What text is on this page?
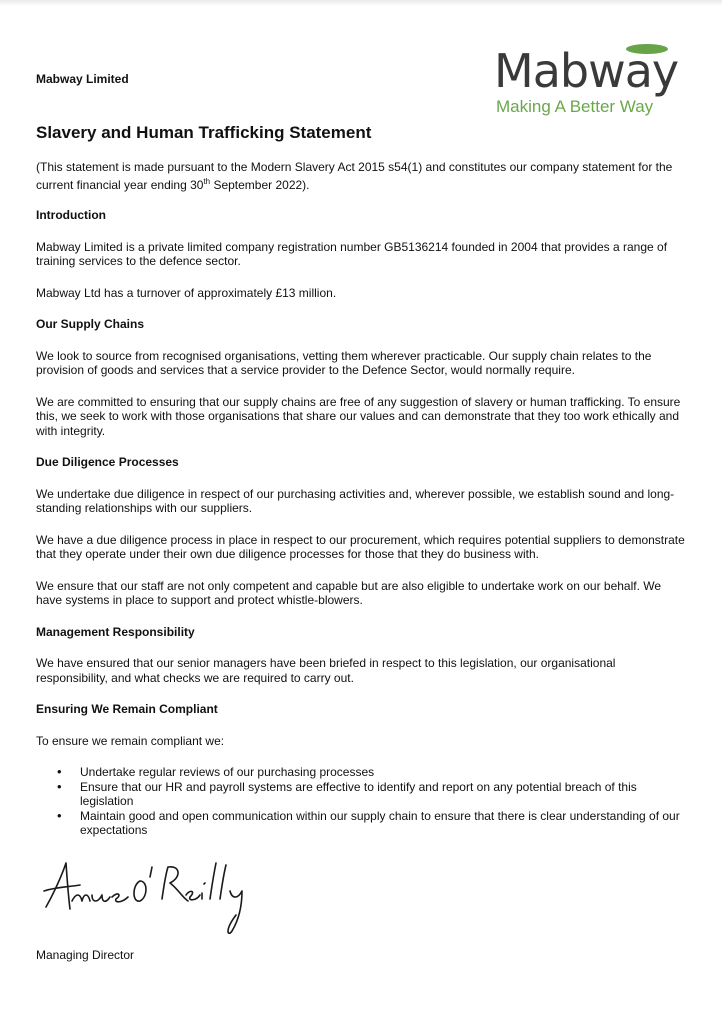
Mabway Limited	Mabway
Making A Better Way
Slavery and Human Trafficking Statement

(This statement is made pursuant to the Modern Slavery Act 2015 s54(1) and constitutes our company statement for the current financial year ending 30th September 2022).

Introduction

Mabway Limited is a private limited company registration number GB5136214 founded in 2004 that provides a range of training services to the defence sector.

Mabway Ltd has a turnover of approximately £13 million.

Our Supply Chains

We look to source from recognised organisations, vetting them wherever practicable. Our supply chain relates to the provision of goods and services that a service provider to the Defence Sector, would normally require.

We are committed to ensuring that our supply chains are free of any suggestion of slavery or human trafficking. To ensure this, we seek to work with those organisations that share our values and can demonstrate that they too work ethically and with integrity.

Due Diligence Processes

We undertake due diligence in respect of our purchasing activities and, wherever possible, we establish sound and long-standing relationships with our suppliers.

We have a due diligence process in place in respect to our procurement, which requires potential suppliers to demonstrate that they operate under their own due diligence processes for those that they do business with.

We ensure that our staff are not only competent and capable but are also eligible to undertake work on our behalf. We have systems in place to support and protect whistle-blowers.

Management Responsibility

We have ensured that our senior managers have been briefed in respect to this legislation, our organisational responsibility, and what checks we are required to carry out.

Ensuring We Remain Compliant

To ensure we remain compliant we:

• Undertake regular reviews of our purchasing processes
• Ensure that our HR and payroll systems are effective to identify and report on any potential breach of this legislation
• Maintain good and open communication within our supply chain to ensure that there is clear understanding of our expectations
Managing Director
